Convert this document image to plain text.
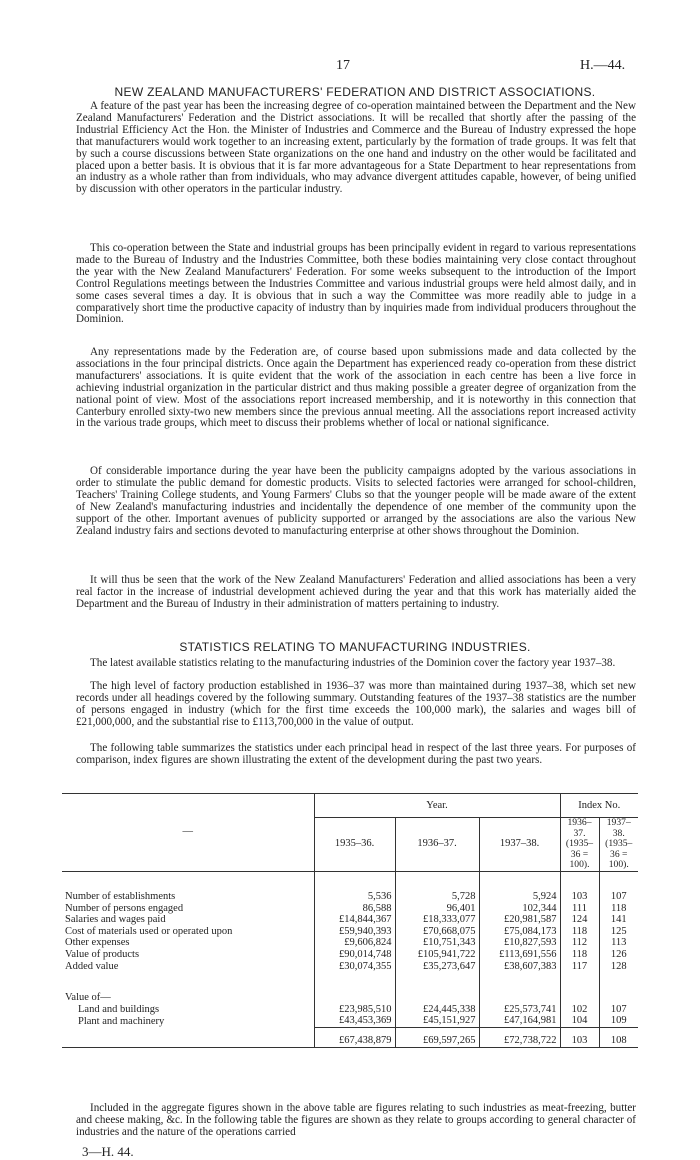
17	H.—44.
NEW ZEALAND MANUFACTURERS' FEDERATION AND DISTRICT ASSOCIATIONS.

A feature of the past year has been the increasing degree of co-operation maintained between the Department and the New Zealand Manufacturers' Federation and the District associations. It will be recalled that shortly after the passing of the Industrial Efficiency Act the Hon. the Minister of Industries and Commerce and the Bureau of Industry expressed the hope that manufacturers would work together to an increasing extent, particularly by the formation of trade groups. It was felt that by such a course discussions between State organizations on the one hand and industry on the other would be facilitated and placed upon a better basis. It is obvious that it is far more advantageous for a State Department to hear representations from an industry as a whole rather than from individuals, who may advance divergent attitudes capable, however, of being unified by discussion with other operators in the particular industry.

This co-operation between the State and industrial groups has been principally evident in regard to various representations made to the Bureau of Industry and the Industries Committee, both these bodies maintaining very close contact throughout the year with the New Zealand Manufacturers' Federation. For some weeks subsequent to the introduction of the Import Control Regulations meetings between the Industries Committee and various industrial groups were held almost daily, and in some cases several times a day. It is obvious that in such a way the Committee was more readily able to judge in a comparatively short time the productive capacity of industry than by inquiries made from individual producers throughout the Dominion.

Any representations made by the Federation are, of course based upon submissions made and data collected by the associations in the four principal districts. Once again the Department has experienced ready co-operation from these district manufacturers' associations. It is quite evident that the work of the association in each centre has been a live force in achieving industrial organization in the particular district and thus making possible a greater degree of organization from the national point of view. Most of the associations report increased membership, and it is noteworthy in this connection that Canterbury enrolled sixty-two new members since the previous annual meeting. All the associations report increased activity in the various trade groups, which meet to discuss their problems whether of local or national significance.

Of considerable importance during the year have been the publicity campaigns adopted by the various associations in order to stimulate the public demand for domestic products. Visits to selected factories were arranged for school-children, Teachers' Training College students, and Young Farmers' Clubs so that the younger people will be made aware of the extent of New Zealand's manufacturing industries and incidentally the dependence of one member of the community upon the support of the other. Important avenues of publicity supported or arranged by the associations are also the various New Zealand industry fairs and sections devoted to manufacturing enterprise at other shows throughout the Dominion.

It will thus be seen that the work of the New Zealand Manufacturers' Federation and allied associations has been a very real factor in the increase of industrial development achieved during the year and that this work has materially aided the Department and the Bureau of Industry in their administration of matters pertaining to industry.

STATISTICS RELATING TO MANUFACTURING INDUSTRIES.

The latest available statistics relating to the manufacturing industries of the Dominion cover the factory year 1937–38.

The high level of factory production established in 1936–37 was more than maintained during 1937–38, which set new records under all headings covered by the following summary. Outstanding features of the 1937–38 statistics are the number of persons engaged in industry (which for the first time exceeds the 100,000 mark), the salaries and wages bill of £21,000,000, and the substantial rise to £113,700,000 in the value of output.

The following table summarizes the statistics under each principal head in respect of the last three years. For purposes of comparison, index figures are shown illustrating the extent of the development during the past two years.

—	Year.			Index No.	
	1935–36.	1936–37.	1937–38.	1936–37. (1935–36 = 100).	1937–38. (1935–36 = 100).

Number of establishments	5,536	5,728	5,924	103	107
Number of persons engaged	86,588	96,401	102,344	111	118
Salaries and wages paid	£14,844,367	£18,333,077	£20,981,587	124	141
Cost of materials used or operated upon	£59,940,393	£70,668,075	£75,084,173	118	125
Other expenses	£9,606,824	£10,751,343	£10,827,593	112	113
Value of products	£90,014,748	£105,941,722	£113,691,556	118	126
Added value	£30,074,355	£35,273,647	£38,607,383	117	128

Value of—					
Land and buildings	£23,985,510	£24,445,338	£25,573,741	102	107
Plant and machinery	£43,453,369	£45,151,927	£47,164,981	104	109

	£67,438,879	£69,597,265	£72,738,722	103	108

Included in the aggregate figures shown in the above table are figures relating to such industries as meat-freezing, butter and cheese making, &c. In the following table the figures are shown as they relate to groups according to general character of industries and the nature of the operations carried

3—H. 44.
